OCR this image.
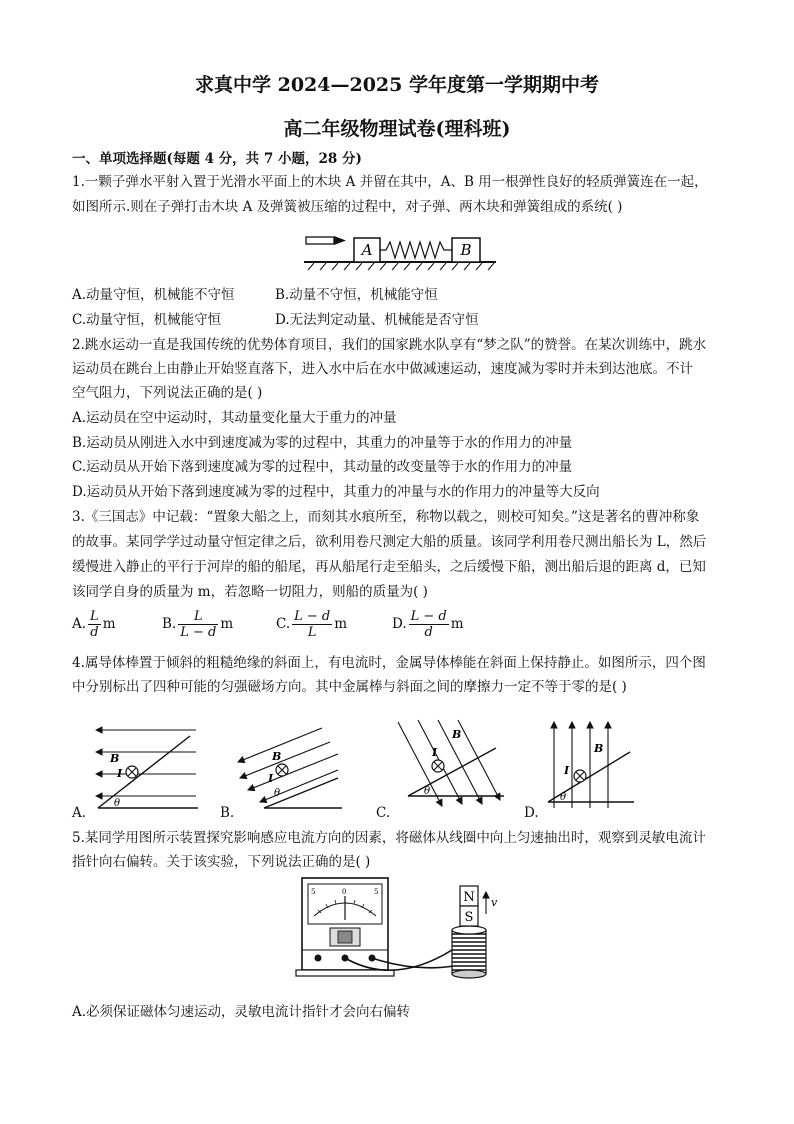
求真中学 2024—2025 学年度第一学期期中考
高二年级物理试卷(理科班)
一、单项选择题(每题 4 分，共 7 小题，28 分)
1.一颗子弹水平射入置于光滑水平面上的木块 A 并留在其中，A、B 用一根弹性良好的轻质弹簧连在一起，
如图所示.则在子弹打击木块 A 及弹簧被压缩的过程中，对子弹、两木块和弹簧组成的系统( )
A	B
A.动量守恒，机械能不守恒	B.动量不守恒，机械能守恒
C.动量守恒，机械能守恒	D.无法判定动量、机械能是否守恒
2.跳水运动一直是我国传统的优势体育项目，我们的国家跳水队享有“梦之队”的赞誉。在某次训练中，跳水
运动员在跳台上由静止开始竖直落下，进入水中后在水中做减速运动，速度减为零时并未到达池底。不计
空气阻力，下列说法正确的是( )
A.运动员在空中运动时，其动量变化量大于重力的冲量
B.运动员从刚进入水中到速度减为零的过程中，其重力的冲量等于水的作用力的冲量
C.运动员从开始下落到速度减为零的过程中，其动量的改变量等于水的作用力的冲量
D.运动员从开始下落到速度减为零的过程中，其重力的冲量与水的作用力的冲量等大反向
3.《三国志》中记载：“置象大船之上，而刻其水痕所至，称物以载之，则校可知矣。”这是著名的曹冲称象
的故事。某同学学过动量守恒定律之后，欲利用卷尺测定大船的质量。该同学利用卷尺测出船长为 L，然后
缓慢进入静止的平行于河岸的船的船尾，再从船尾行走至船头，之后缓慢下船，测出船后退的距离 d，已知
该同学自身的质量为 m，若忽略一切阻力，则船的质量为( )
A. $\frac{L}{d}$ m	B. $\frac{L}{L - d}$ m	C. $\frac{L - d}{L}$ m	D. $\frac{L - d}{d}$ m
4.属导体棒置于倾斜的粗糙绝缘的斜面上，有电流时，金属导体棒能在斜面上保持静止。如图所示，四个图
中分别标出了四种可能的匀强磁场方向。其中金属棒与斜面之间的摩擦力一定不等于零的是( )
B
I
θ
A.
B
I
θ
B.
B
I
θ
C.
B
I
θ
D.
5.某同学用图所示装置探究影响感应电流方向的因素，将磁体从线圈中向上匀速抽出时，观察到灵敏电流计
指针向右偏转。关于该实验，下列说法正确的是( )
5	0	5	N
S
v
A.必须保证磁体匀速运动，灵敏电流计指针才会向右偏转
